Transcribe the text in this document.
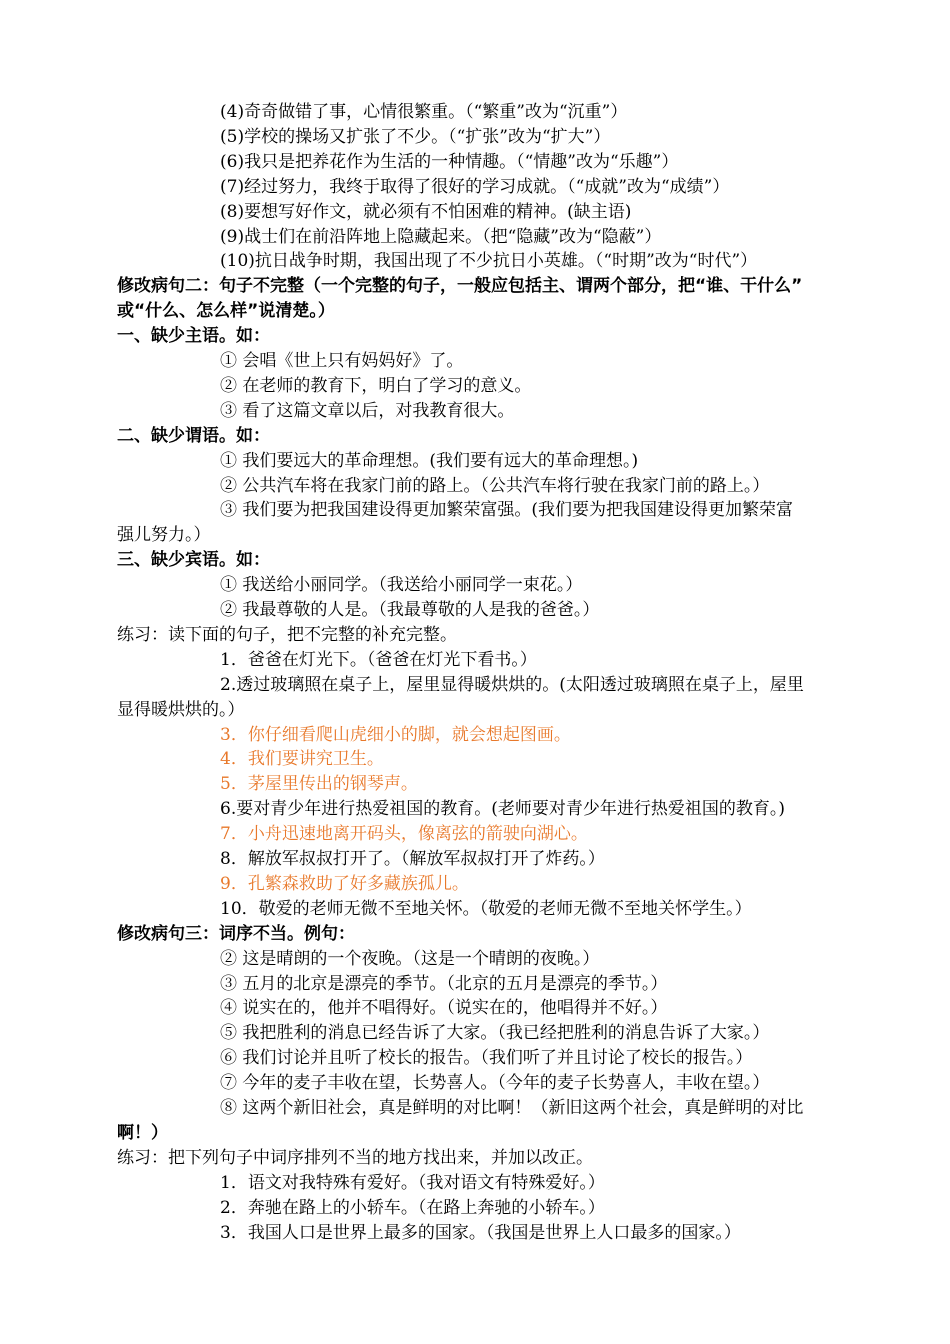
(4)奇奇做错了事，心情很繁重。（“繁重”改为“沉重”）
(5)学校的操场又扩张了不少。（“扩张”改为“扩大”）
(6)我只是把养花作为生活的一种情趣。（“情趣”改为“乐趣”）
(7)经过努力，我终于取得了很好的学习成就。（“成就”改为“成绩”）
(8)要想写好作文，就必须有不怕困难的精神。(缺主语)
(9)战士们在前沿阵地上隐藏起来。（把“隐藏”改为“隐蔽”）
(10)抗日战争时期，我国出现了不少抗日小英雄。（“时期”改为“时代”）
修改病句二：句子不完整（一个完整的句子，一般应包括主、谓两个部分，把“谁、干什么”
或“什么、怎么样”说清楚。）
一、缺少主语。如：
① 会唱《世上只有妈妈好》了。
② 在老师的教育下，明白了学习的意义。
③ 看了这篇文章以后，对我教育很大。
二、缺少谓语。如：
① 我们要远大的革命理想。(我们要有远大的革命理想。)
② 公共汽车将在我家门前的路上。（公共汽车将行驶在我家门前的路上。）
③ 我们要为把我国建设得更加繁荣富强。(我们要为把我国建设得更加繁荣富
强儿努力。）
三、缺少宾语。如：
① 我送给小丽同学。（我送给小丽同学一束花。）
② 我最尊敬的人是。（我最尊敬的人是我的爸爸。）
练习：读下面的句子，把不完整的补充完整。
1．爸爸在灯光下。（爸爸在灯光下看书。）
2.透过玻璃照在桌子上，屋里显得暖烘烘的。(太阳透过玻璃照在桌子上，屋里
显得暖烘烘的。）
3．你仔细看爬山虎细小的脚，就会想起图画。
4．我们要讲究卫生。
5．茅屋里传出的钢琴声。
6.要对青少年进行热爱祖国的教育。(老师要对青少年进行热爱祖国的教育。)
7．小舟迅速地离开码头，像离弦的箭驶向湖心。
8．解放军叔叔打开了。（解放军叔叔打开了炸药。）
9．孔繁森救助了好多藏族孤儿。
10．敬爱的老师无微不至地关怀。（敬爱的老师无微不至地关怀学生。）
修改病句三：词序不当。例句：
② 这是晴朗的一个夜晚。（这是一个晴朗的夜晚。）
③ 五月的北京是漂亮的季节。（北京的五月是漂亮的季节。）
④ 说实在的，他并不唱得好。（说实在的，他唱得并不好。）
⑤ 我把胜利的消息已经告诉了大家。（我已经把胜利的消息告诉了大家。）
⑥ 我们讨论并且听了校长的报告。（我们听了并且讨论了校长的报告。）
⑦ 今年的麦子丰收在望，长势喜人。（今年的麦子长势喜人，丰收在望。）
⑧ 这两个新旧社会，真是鲜明的对比啊！（新旧这两个社会，真是鲜明的对比
啊！）
练习：把下列句子中词序排列不当的地方找出来，并加以改正。
1．语文对我特殊有爱好。（我对语文有特殊爱好。）
2．奔驰在路上的小轿车。（在路上奔驰的小轿车。）
3．我国人口是世界上最多的国家。（我国是世界上人口最多的国家。）
